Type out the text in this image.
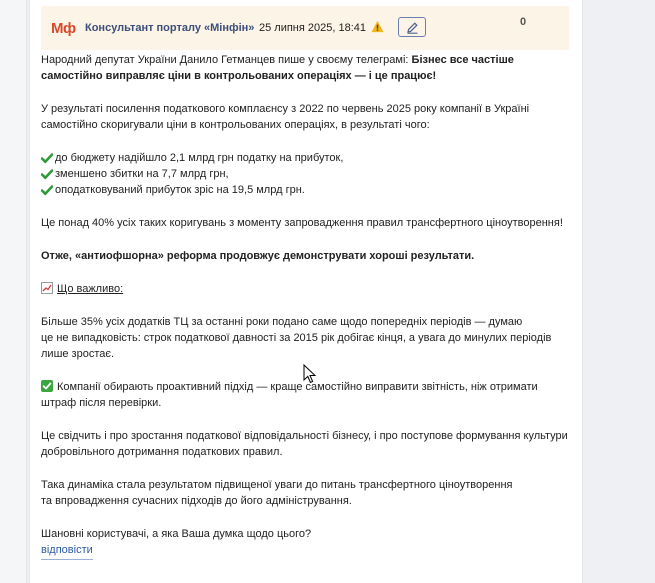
Мф Консультант порталу «Мінфін» 25 липня 2025, 18:41	0

Народний депутат України Данило Гетманцев пише у своєму телеграмі: Бізнес все частіше самостійно виправляє ціни в контрольованих операціях — і це працює!

У результаті посилення податкового комплаєнсу з 2022 по червень 2025 року компанії в Україні самостійно скоригували ціни в контрольованих операціях, в результаті чого:

до бюджету надійшло 2,1 млрд грн податку на прибуток,
зменшено збитки на 7,7 млрд грн,
оподатковуваний прибуток зріс на 19,5 млрд грн.

Це понад 40% усіх таких коригувань з моменту запровадження правил трансфертного ціноутворення!

Отже, «антиофшорна» реформа продовжує демонструвати хороші результати.

Що важливо:

Більше 35% усіх додатків ТЦ за останні роки подано саме щодо попередніх періодів — думаю
це не випадковість: строк податкової давності за 2015 рік добігає кінця, а увага до минулих періодів лише зростає.

Компанії обирають проактивний підхід — краще самостійно виправити звітність, ніж отримати штраф після перевірки.

Це свідчить і про зростання податкової відповідальності бізнесу, і про поступове формування культури добровільного дотримання податкових правил.

Така динаміка стала результатом підвищеної уваги до питань трансфертного ціноутворення
та впровадження сучасних підходів до його адміністрування.

Шановні користувачі, а яка Ваша думка щодо цього?

відповісти
